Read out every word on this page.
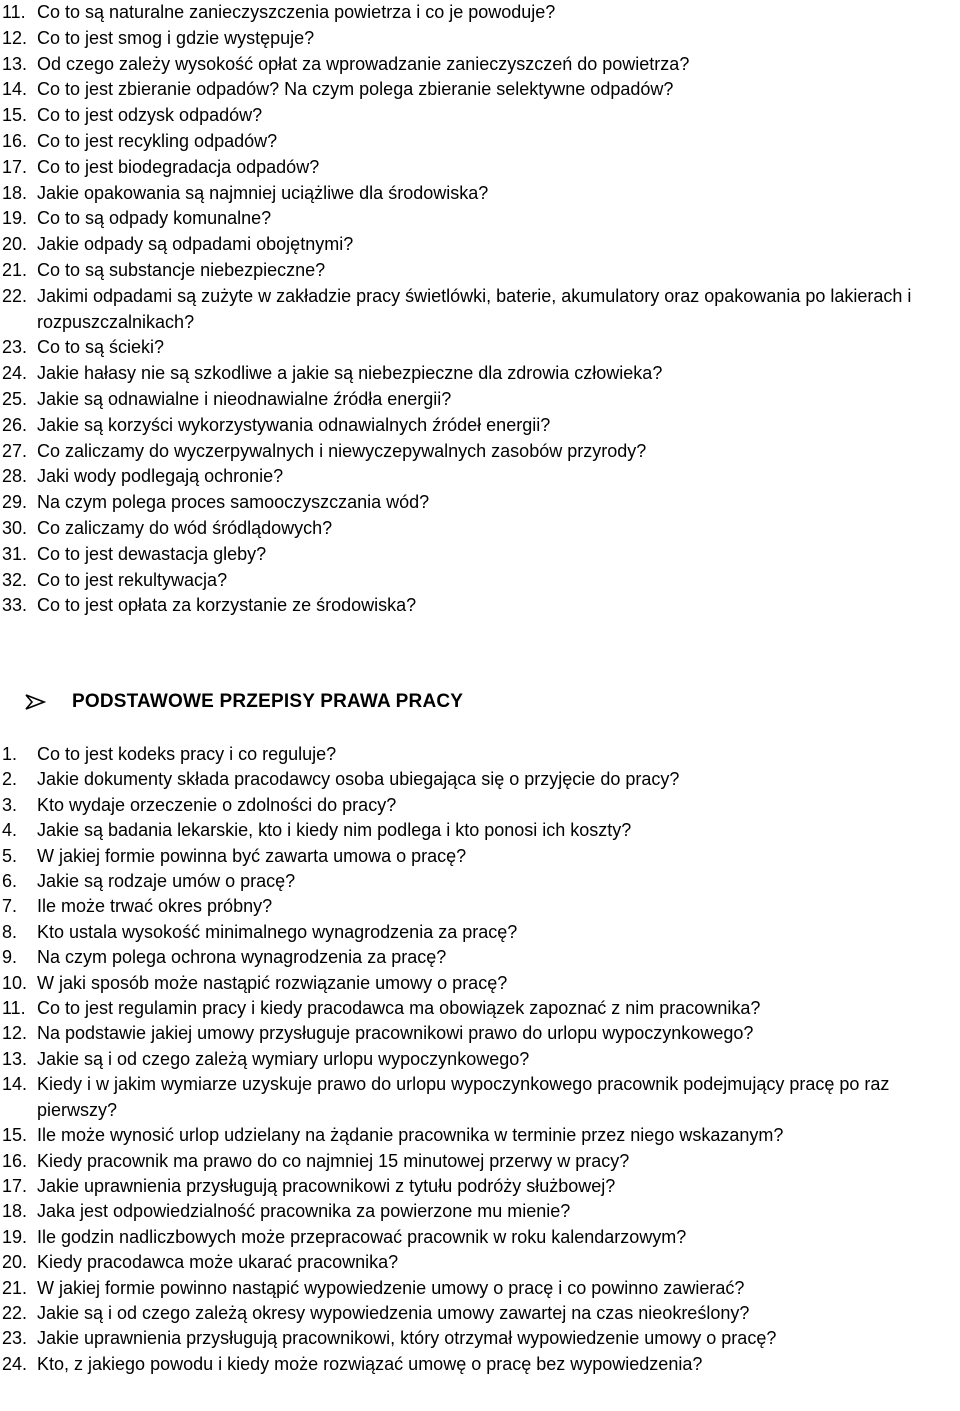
11. Co to są naturalne zanieczyszczenia powietrza i co je powoduje?
12. Co to jest smog i gdzie występuje?
13. Od czego zależy wysokość opłat za wprowadzanie zanieczyszczeń do powietrza?
14. Co to jest zbieranie odpadów? Na czym polega zbieranie selektywne odpadów?
15. Co to jest odzysk odpadów?
16. Co to jest recykling odpadów?
17. Co to jest biodegradacja odpadów?
18. Jakie opakowania są najmniej uciążliwe dla środowiska?
19. Co to są odpady komunalne?
20. Jakie odpady są odpadami obojętnymi?
21. Co to są substancje niebezpieczne?
22. Jakimi odpadami są zużyte w zakładzie pracy świetlówki, baterie, akumulatory oraz opakowania po lakierach i rozpuszczalnikach?
23. Co to są ścieki?
24. Jakie hałasy nie są szkodliwe a jakie są niebezpieczne dla zdrowia człowieka?
25. Jakie są odnawialne i nieodnawialne źródła energii?
26. Jakie są korzyści wykorzystywania odnawialnych źródeł energii?
27. Co zaliczamy do wyczerpywalnych i niewyczepywalnych zasobów przyrody?
28. Jaki wody podlegają ochronie?
29. Na czym polega proces samooczyszczania wód?
30. Co zaliczamy do wód śródlądowych?
31. Co to jest dewastacja gleby?
32. Co to jest rekultywacja?
33. Co to jest opłata za korzystanie ze środowiska?
PODSTAWOWE PRZEPISY PRAWA PRACY
1.	Co to jest kodeks pracy i co reguluje?
2.	Jakie dokumenty składa pracodawcy osoba ubiegająca się o przyjęcie do pracy?
3.	Kto wydaje orzeczenie o zdolności do pracy?
4.	Jakie są badania lekarskie, kto i kiedy nim podlega i kto ponosi ich koszty?
5.	W jakiej formie powinna być zawarta umowa o pracę?
6.	Jakie są rodzaje umów o pracę?
7.	Ile może trwać okres próbny?
8.	Kto ustala wysokość minimalnego wynagrodzenia za pracę?
9.	Na czym polega ochrona wynagrodzenia za pracę?
10. W jaki sposób może nastąpić rozwiązanie umowy o pracę?
11. Co to jest regulamin pracy i kiedy pracodawca ma obowiązek zapoznać z nim pracownika?
12. Na podstawie jakiej umowy przysługuje pracownikowi prawo do urlopu wypoczynkowego?
13. Jakie są i od czego zależą wymiary urlopu wypoczynkowego?
14. Kiedy i w jakim wymiarze uzyskuje prawo do urlopu wypoczynkowego pracownik podejmujący pracę po raz pierwszy?
15. Ile może wynosić urlop udzielany na żądanie pracownika w terminie przez niego wskazanym?
16. Kiedy pracownik ma prawo do co najmniej 15 minutowej przerwy w pracy?
17. Jakie uprawnienia przysługują pracownikowi z tytułu podróży służbowej?
18. Jaka jest odpowiedzialność pracownika za powierzone mu mienie?
19. Ile godzin nadliczbowych może przepracować pracownik w roku kalendarzowym?
20. Kiedy pracodawca może ukarać pracownika?
21. W jakiej formie powinno nastąpić wypowiedzenie umowy o pracę i co powinno zawierać?
22. Jakie są i od czego zależą okresy wypowiedzenia umowy zawartej na czas nieokreślony?
23. Jakie uprawnienia przysługują pracownikowi, który otrzymał wypowiedzenie umowy o pracę?
24. Kto, z jakiego powodu i kiedy może rozwiązać umowę o pracę bez wypowiedzenia?
